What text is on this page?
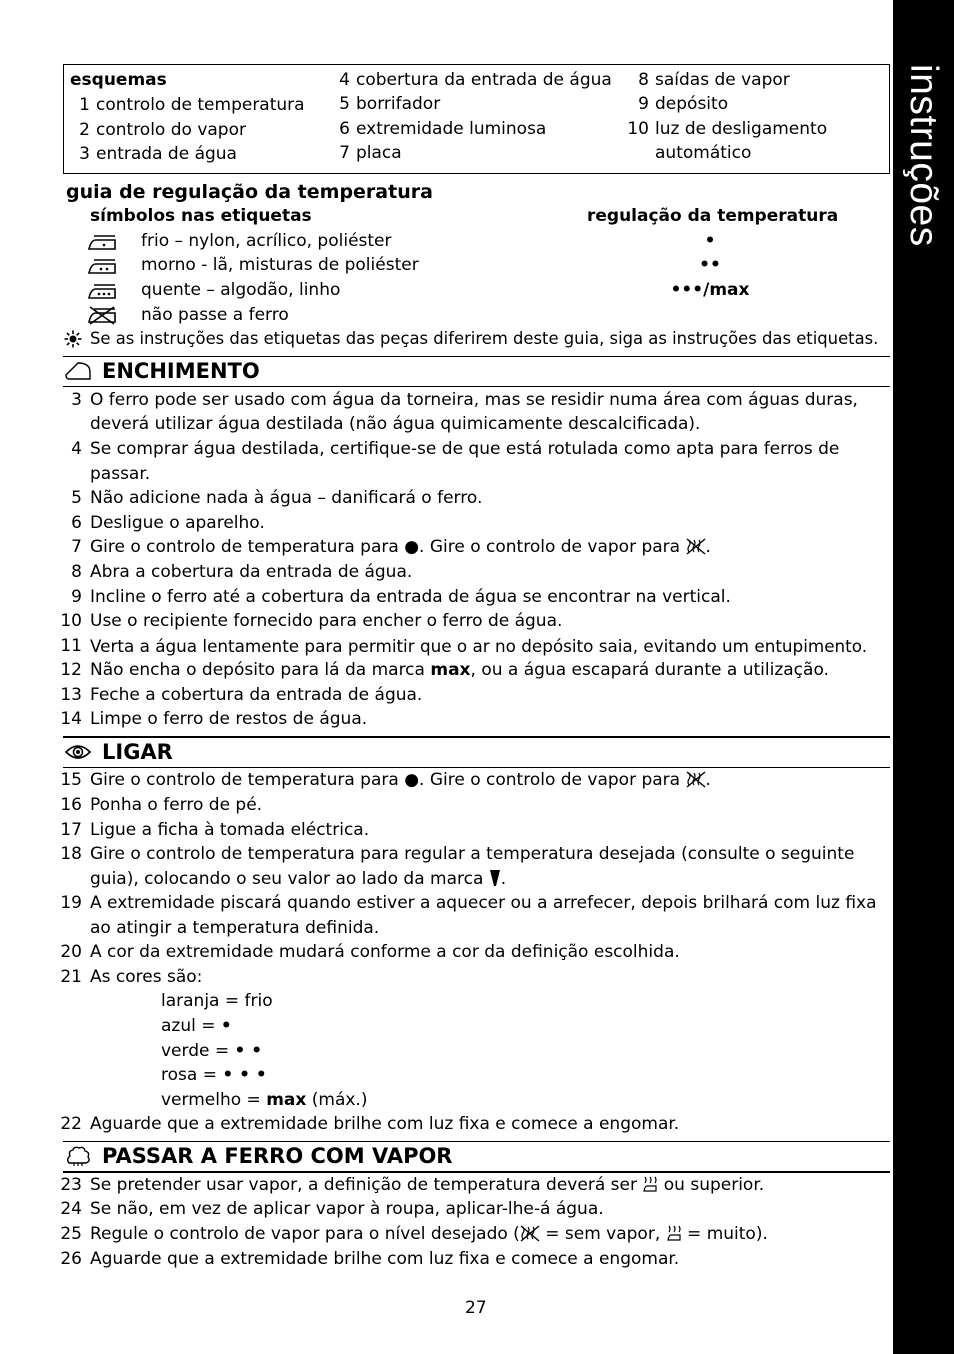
instruções
esquemas
1 controlo de temperatura
2 controlo do vapor
3 entrada de água
4 cobertura da entrada de água
5 borrifador
6 extremidade luminosa
7 placa
8 saídas de vapor
9 depósito
10 luz de desligamento
automático
guia de regulação da temperatura
símbolos nas etiquetas	regulação da temperatura
frio – nylon, acrílico, poliéster	•
morno - lã, misturas de poliéster	••
quente – algodão, linho	•••/max
não passe a ferro
Se as instruções das etiquetas das peças diferirem deste guia, siga as instruções das etiquetas.
ENCHIMENTO
3 O ferro pode ser usado com água da torneira, mas se residir numa área com águas duras,
deverá utilizar água destilada (não água quimicamente descalcificada).
4 Se comprar água destilada, certifique-se de que está rotulada como apta para ferros de
passar.
5 Não adicione nada à água – danificará o ferro.
6 Desligue o aparelho.
7 Gire o controlo de temperatura para ●. Gire o controlo de vapor para .
8 Abra a cobertura da entrada de água.
9 Incline o ferro até a cobertura da entrada de água se encontrar na vertical.
10 Use o recipiente fornecido para encher o ferro de água.
11 Verta a água lentamente para permitir que o ar no depósito saia, evitando um entupimento.
12 Não encha o depósito para lá da marca max, ou a água escapará durante a utilização.
13 Feche a cobertura da entrada de água.
14 Limpe o ferro de restos de água.
LIGAR
15 Gire o controlo de temperatura para ●. Gire o controlo de vapor para .
16 Ponha o ferro de pé.
17 Ligue a ficha à tomada eléctrica.
18 Gire o controlo de temperatura para regular a temperatura desejada (consulte o seguinte
guia), colocando o seu valor ao lado da marca .
19 A extremidade piscará quando estiver a aquecer ou a arrefecer, depois brilhará com luz fixa
ao atingir a temperatura definida.
20 A cor da extremidade mudará conforme a cor da definição escolhida.
21 As cores são:
laranja = frio
azul = •
verde = • •
rosa = • • •
vermelho = max (máx.)
22 Aguarde que a extremidade brilhe com luz fixa e comece a engomar.
PASSAR A FERRO COM VAPOR
23 Se pretender usar vapor, a definição de temperatura deverá ser  ou superior.
24 Se não, em vez de aplicar vapor à roupa, aplicar-lhe-á água.
25 Regule o controlo de vapor para o nível desejado ( = sem vapor,  = muito).
26 Aguarde que a extremidade brilhe com luz fixa e comece a engomar.
27
